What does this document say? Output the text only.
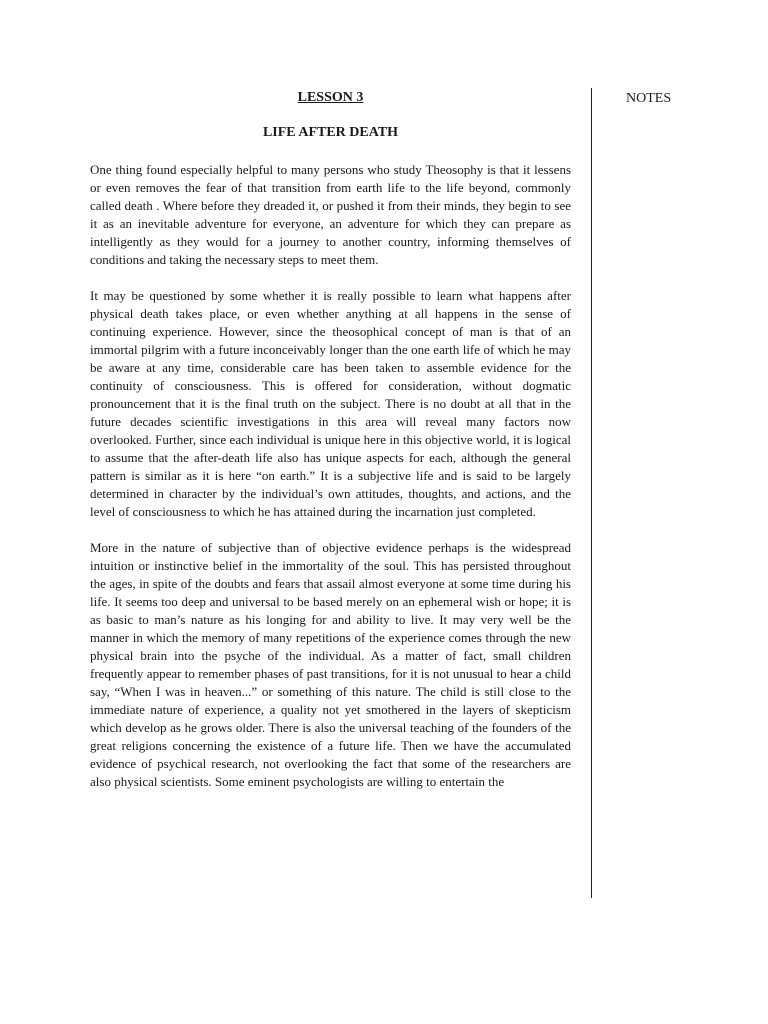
LESSON 3
LIFE AFTER DEATH
NOTES

One thing found especially helpful to many persons who study Theosophy is that it lessens or even removes the fear of that transition from earth life to the life beyond, commonly called death . Where before they dreaded it, or pushed it from their minds, they begin to see it as an inevitable adventure for everyone, an adventure for which they can prepare as intelligently as they would for a journey to another country, informing themselves of conditions and taking the necessary steps to meet them.

It may be questioned by some whether it is really possible to learn what happens after physical death takes place, or even whether anything at all happens in the sense of continuing experience. However, since the theosophical concept of man is that of an immortal pilgrim with a future inconceivably longer than the one earth life of which he may be aware at any time, considerable care has been taken to assemble evidence for the continuity of consciousness. This is offered for consideration, without dogmatic pronouncement that it is the final truth on the subject. There is no doubt at all that in the future decades scientific investigations in this area will reveal many factors now overlooked. Further, since each individual is unique here in this objective world, it is logical to assume that the after-death life also has unique aspects for each, although the general pattern is similar as it is here “on earth.” It is a subjective life and is said to be largely determined in character by the individual’s own attitudes, thoughts, and actions, and the level of consciousness to which he has attained during the incarnation just completed.

More in the nature of subjective than of objective evidence perhaps is the widespread intuition or instinctive belief in the immortality of the soul. This has persisted throughout the ages, in spite of the doubts and fears that assail almost everyone at some time during his life. It seems too deep and universal to be based merely on an ephemeral wish or hope; it is as basic to man’s nature as his longing for and ability to live. It may very well be the manner in which the memory of many repetitions of the experience comes through the new physical brain into the psyche of the individual. As a matter of fact, small children frequently appear to remember phases of past transitions, for it is not unusual to hear a child say, “When I was in heaven...” or something of this nature. The child is still close to the immediate nature of experience, a quality not yet smothered in the layers of skepticism which develop as he grows older. There is also the universal teaching of the founders of the great religions concerning the existence of a future life. Then we have the accumulated evidence of psychical research, not overlooking the fact that some of the researchers are also physical scientists. Some eminent psychologists are willing to entertain the
